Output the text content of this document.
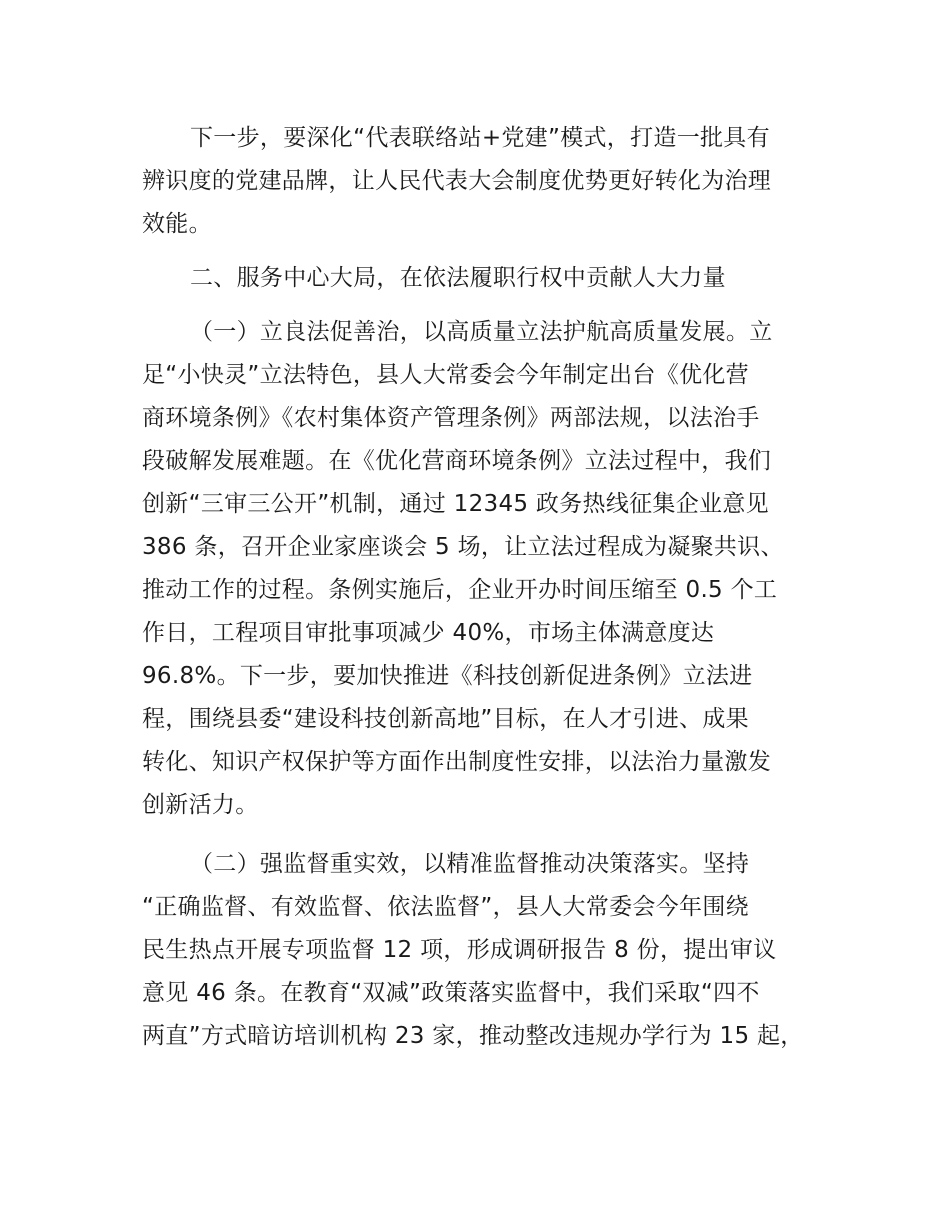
下一步，要深化“代表联络站+党建”模式，打造一批具有
辨识度的党建品牌，让人民代表大会制度优势更好转化为治理
效能。
二、服务中心大局，在依法履职行权中贡献人大力量
（一）立良法促善治，以高质量立法护航高质量发展。立
足“小快灵”立法特色，县人大常委会今年制定出台《优化营
商环境条例》《农村集体资产管理条例》两部法规，以法治手
段破解发展难题。在《优化营商环境条例》立法过程中，我们
创新“三审三公开”机制，通过 12345 政务热线征集企业意见
386 条，召开企业家座谈会 5 场，让立法过程成为凝聚共识、
推动工作的过程。条例实施后，企业开办时间压缩至 0.5 个工
作日，工程项目审批事项减少 40%，市场主体满意度达
96.8%。下一步，要加快推进《科技创新促进条例》立法进
程，围绕县委“建设科技创新高地”目标，在人才引进、成果
转化、知识产权保护等方面作出制度性安排，以法治力量激发
创新活力。
（二）强监督重实效，以精准监督推动决策落实。坚持
“正确监督、有效监督、依法监督”，县人大常委会今年围绕
民生热点开展专项监督 12 项，形成调研报告 8 份，提出审议
意见 46 条。在教育“双减”政策落实监督中，我们采取“四不
两直”方式暗访培训机构 23 家，推动整改违规办学行为 15 起，
